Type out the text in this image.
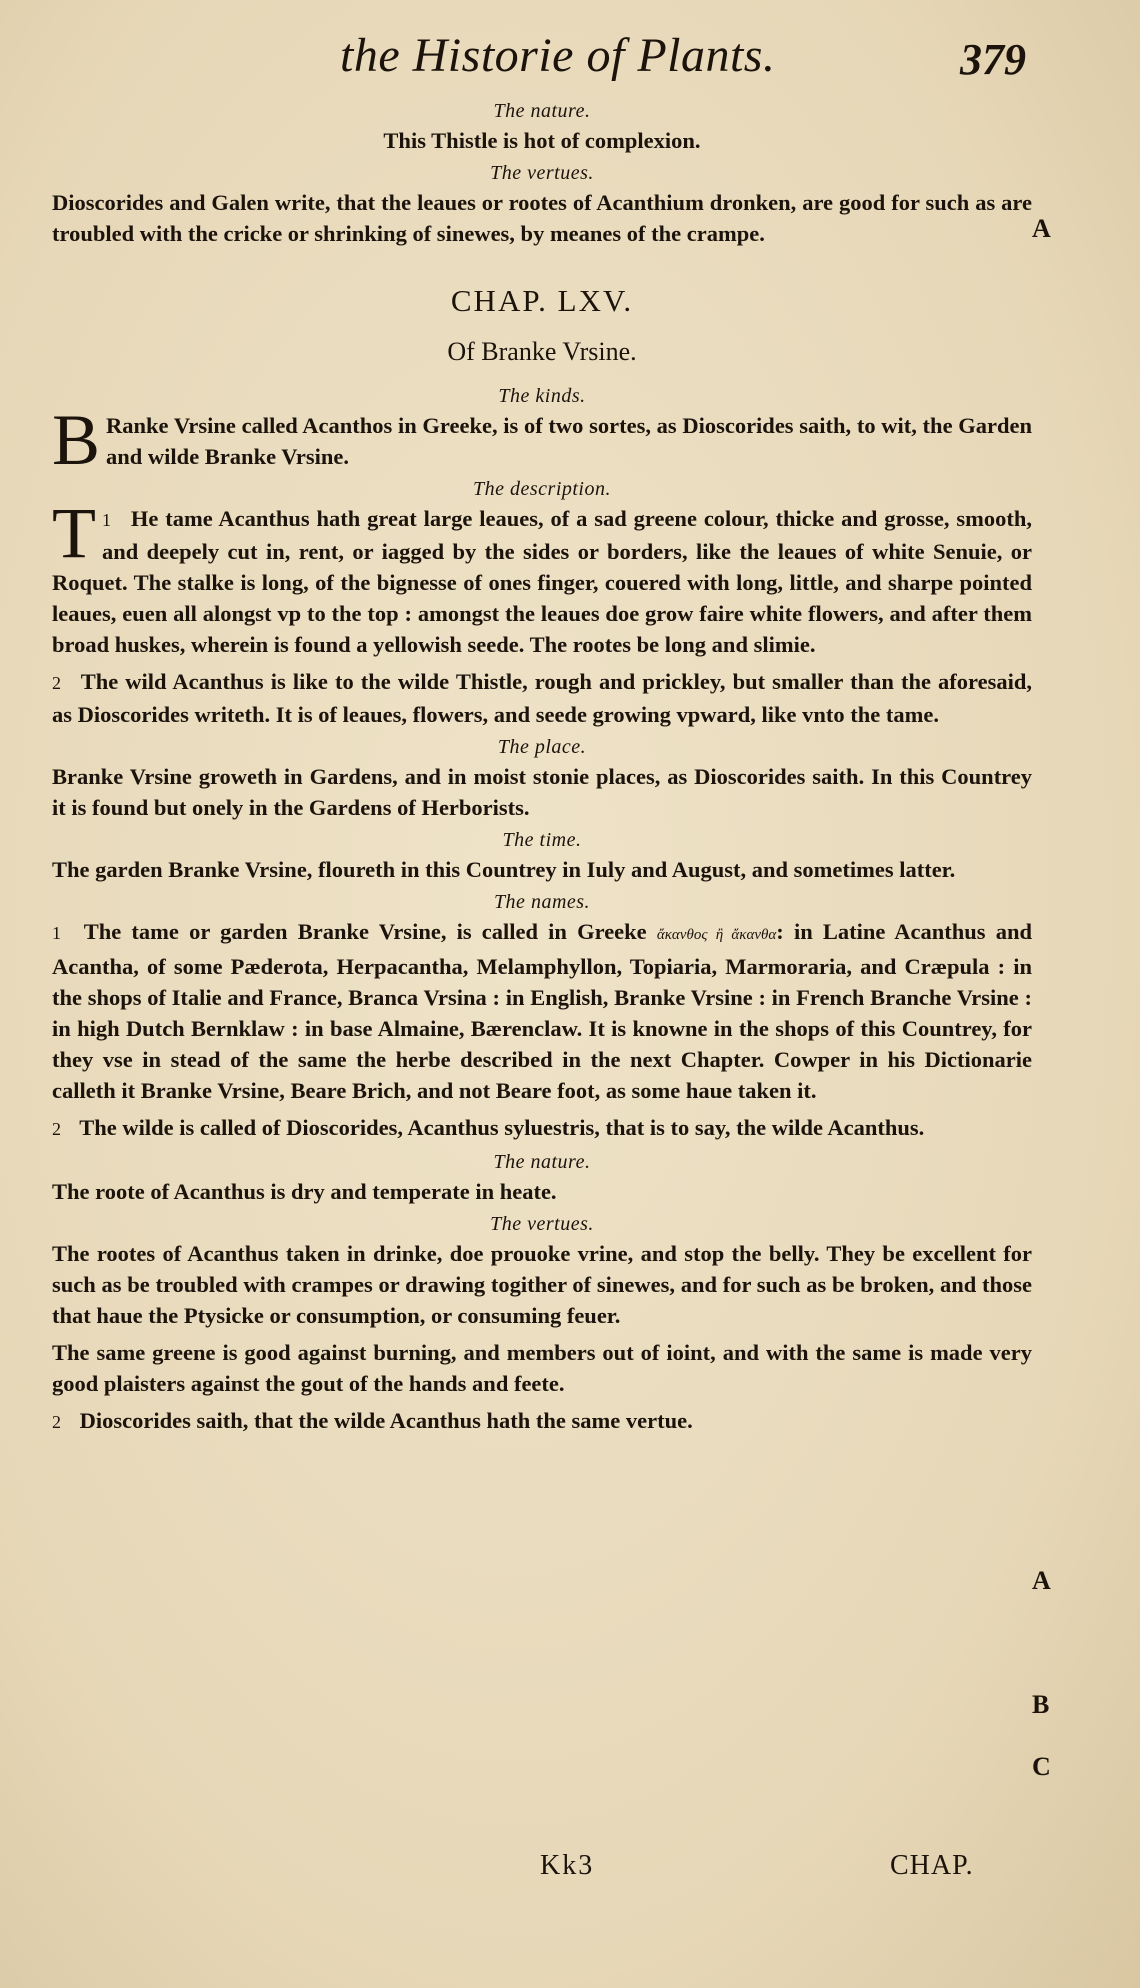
the Historie of Plants.	379
The nature.

This Thistle is hot of complexion.

The vertues.

Dioscorides and Galen write, that the leaues or rootes of Acanthium dronken, are good for such as are troubled with the cricke or shrinking of sinewes, by meanes of the crampe.

CHAP. LXV.
Of Branke Vrsine.
The kinds.

B Ranke Vrsine called Acanthos in Greeke, is of two sortes, as Dioscorides saith, to wit, the Garden and wilde Branke Vrsine.

The description.

1
T He tame Acanthus hath great large leaues, of a sad greene colour, thicke and grosse, smooth, and deepely cut in, rent, or iagged by the sides or borders, like the leaues of white Senuie, or Roquet. The stalke is long, of the bignesse of ones finger, couered with long, little, and sharpe pointed leaues, euen all alongst vp to the top : amongst the leaues doe grow faire white flowers, and after them broad huskes, wherein is found a yellowish seede. The rootes be long and slimie.

2 The wild Acanthus is like to the wilde Thistle, rough and prickley, but smaller than the aforesaid, as Dioscorides writeth. It is of leaues, flowers, and seede growing vpward, like vnto the tame.

The place.

Branke Vrsine groweth in Gardens, and in moist stonie places, as Dioscorides saith. In this Countrey it is found but onely in the Gardens of Herborists.

The time.

The garden Branke Vrsine, floureth in this Countrey in Iuly and August, and sometimes latter.

The names.

1 The tame or garden Branke Vrsine, is called in Greeke ἄκανθος ἢ ἄκανθα: in Latine Acanthus and Acantha, of some Pæderota, Herpacantha, Melamphyllon, Topiaria, Marmoraria, and Cræpula : in the shops of Italie and France, Branca Vrsina : in English, Branke Vrsine : in French Branche Vrsine : in high Dutch Bernklaw : in base Almaine, Bærenclaw. It is knowne in the shops of this Countrey, for they vse in stead of the same the herbe described in the next Chapter. Cowper in his Dictionarie calleth it Branke Vrsine, Beare Brich, and not Beare foot, as some haue taken it.

2 The wilde is called of Dioscorides, Acanthus syluestris, that is to say, the wilde Acanthus.

The nature.

The roote of Acanthus is dry and temperate in heate.

The vertues.

The rootes of Acanthus taken in drinke, doe prouoke vrine, and stop the belly. They be excellent for such as be troubled with crampes or drawing togither of sinewes, and for such as be broken, and those that haue the Ptysicke or consumption, or consuming feuer.

The same greene is good against burning, and members out of ioint, and with the same is made very good plaisters against the gout of the hands and feete.

2 Dioscorides saith, that the wilde Acanthus hath the same vertue.

A
A
B
C
Kk3	CHAP.
